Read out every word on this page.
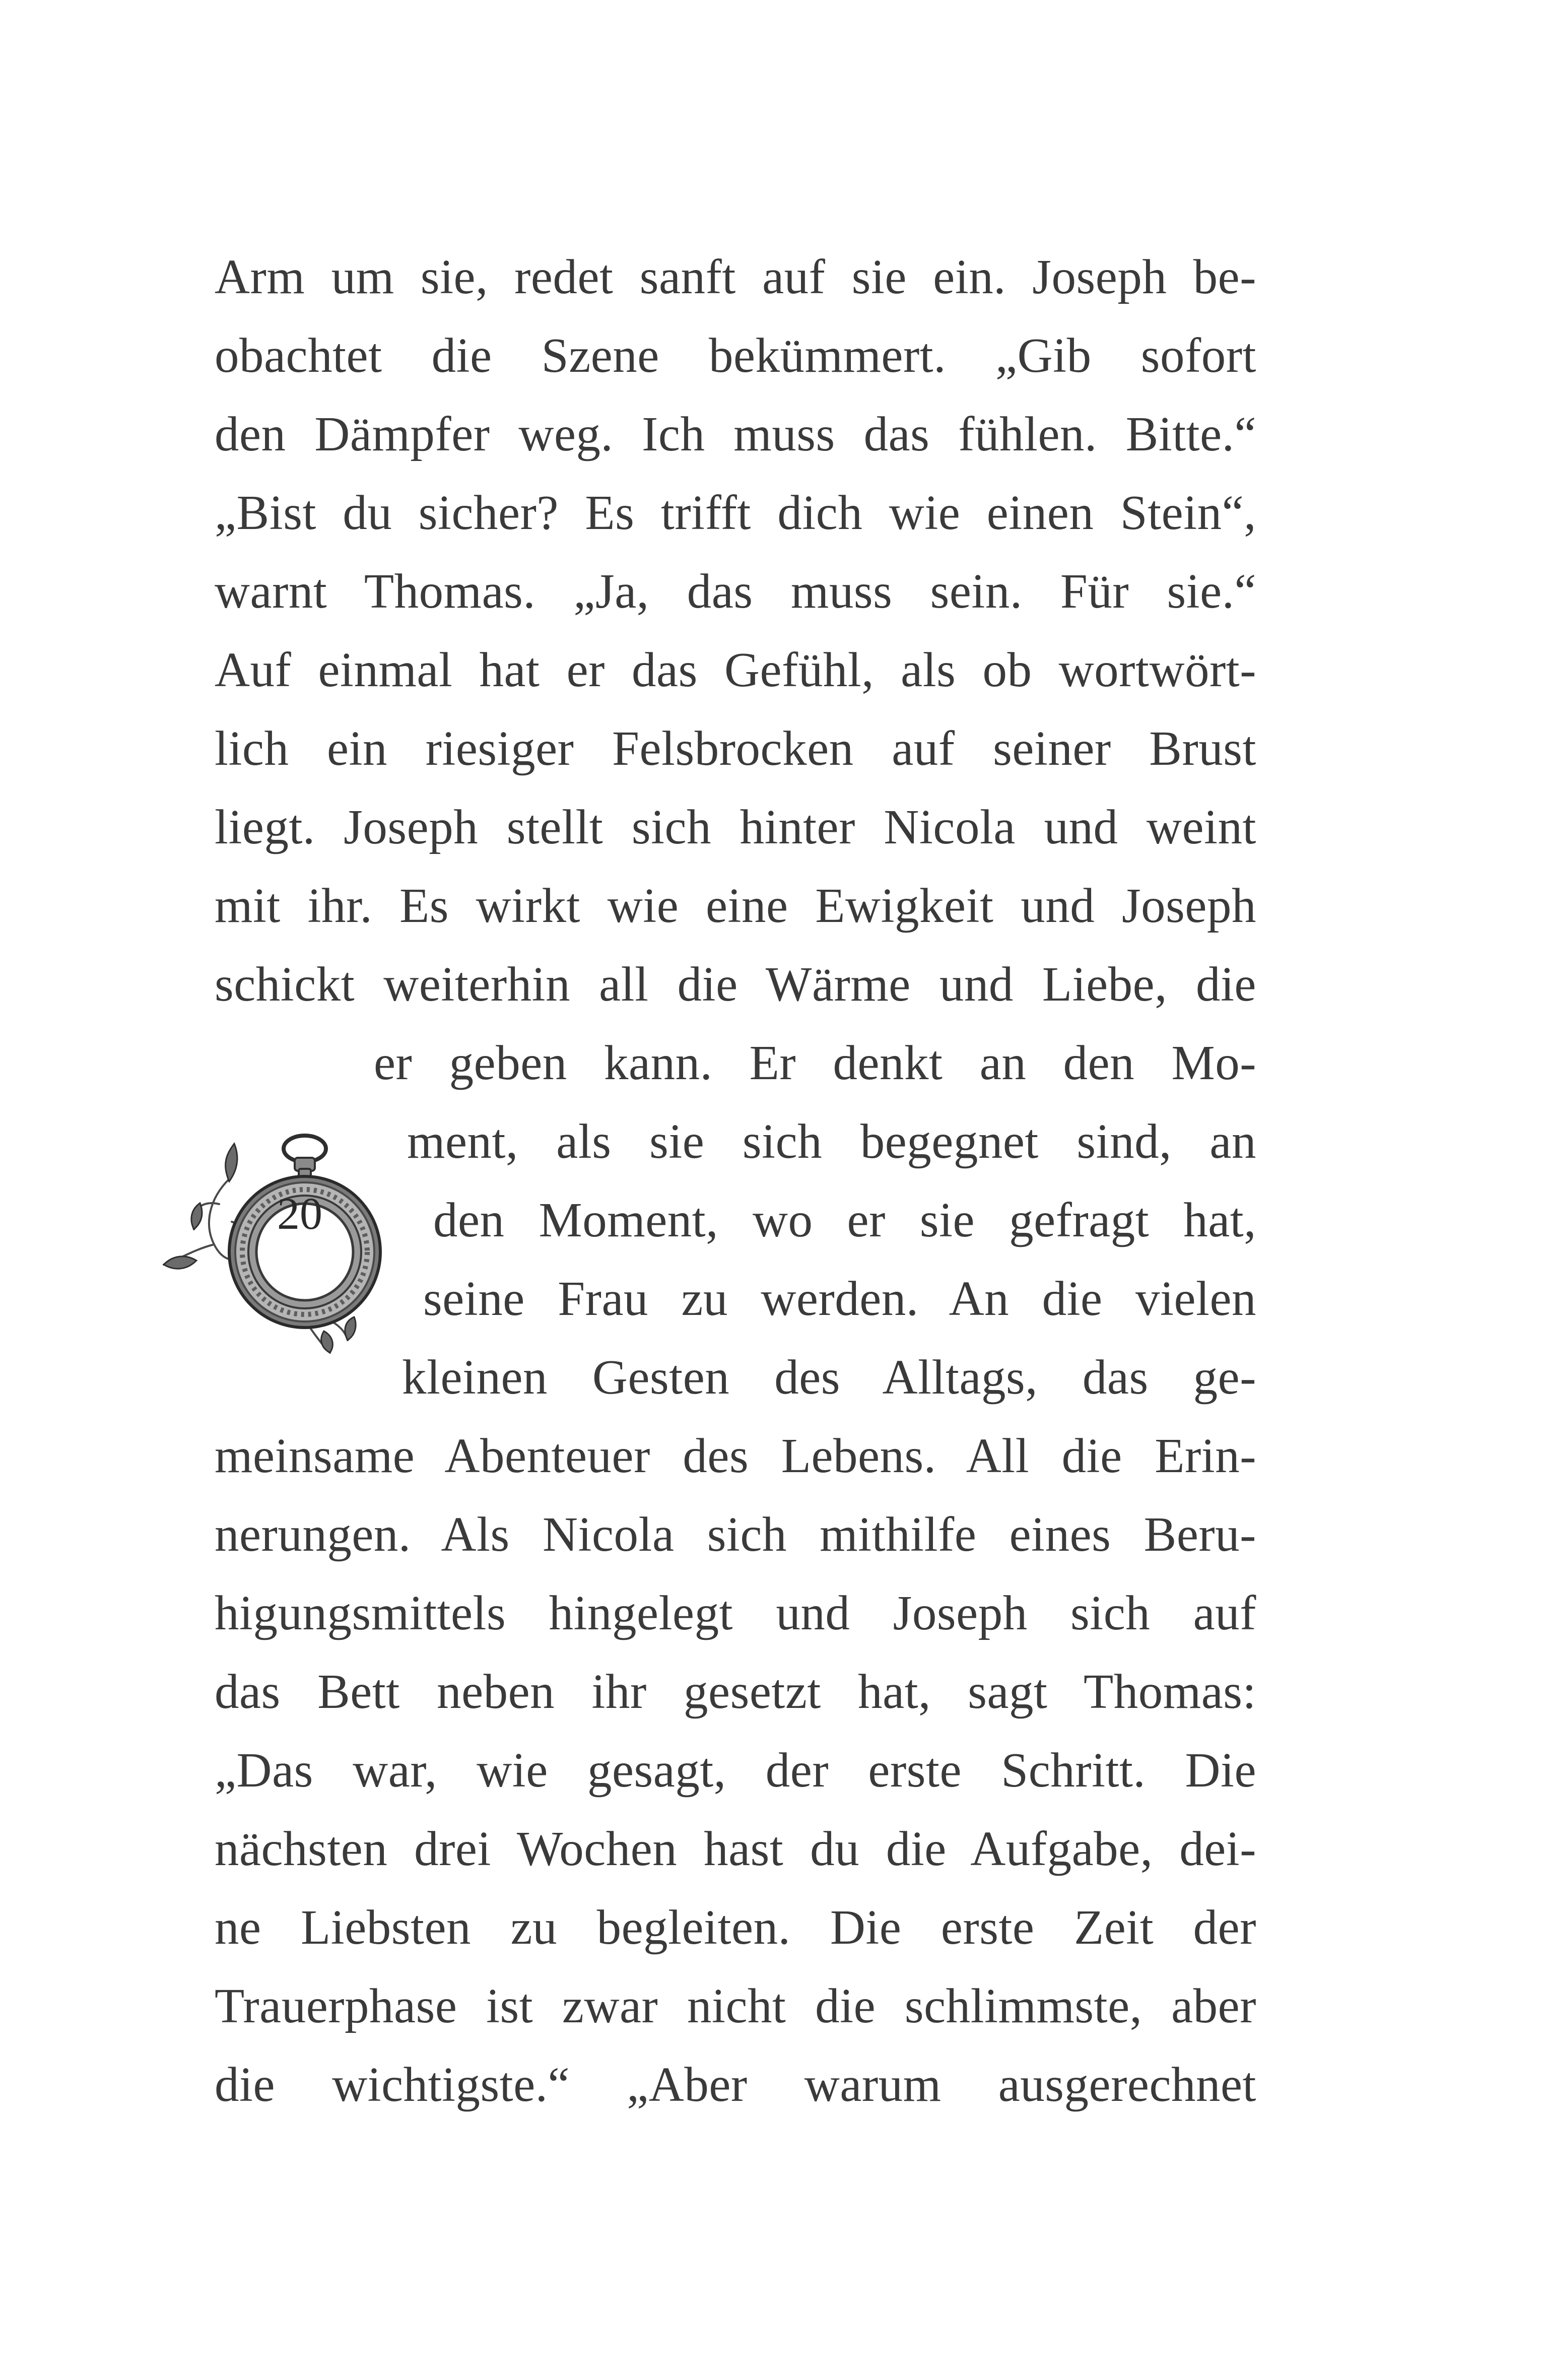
Arm um sie, redet sanft auf sie ein. Joseph be-
obachtet die Szene bekümmert. „Gib sofort
den Dämpfer weg. Ich muss das fühlen. Bitte.“
„Bist du sicher? Es trifft dich wie einen Stein“,
warnt Thomas. „Ja, das muss sein. Für sie.“
Auf einmal hat er das Gefühl, als ob wortwört-
lich ein riesiger Felsbrocken auf seiner Brust
liegt. Joseph stellt sich hinter Nicola und weint
mit ihr. Es wirkt wie eine Ewigkeit und Joseph
schickt weiterhin all die Wärme und Liebe, die
er geben kann. Er denkt an den Mo-
ment, als sie sich begegnet sind, an
den Moment, wo er sie gefragt hat,
seine Frau zu werden. An die vielen
kleinen Gesten des Alltags, das ge-
meinsame Abenteuer des Lebens. All die Erin-
nerungen. Als Nicola sich mithilfe eines Beru-
higungsmittels hingelegt und Joseph sich auf
das Bett neben ihr gesetzt hat, sagt Thomas:
„Das war, wie gesagt, der erste Schritt. Die
nächsten drei Wochen hast du die Aufgabe, dei-
ne Liebsten zu begleiten. Die erste Zeit der
Trauerphase ist zwar nicht die schlimmste, aber
die wichtigste.“ „Aber warum ausgerechnet
20
